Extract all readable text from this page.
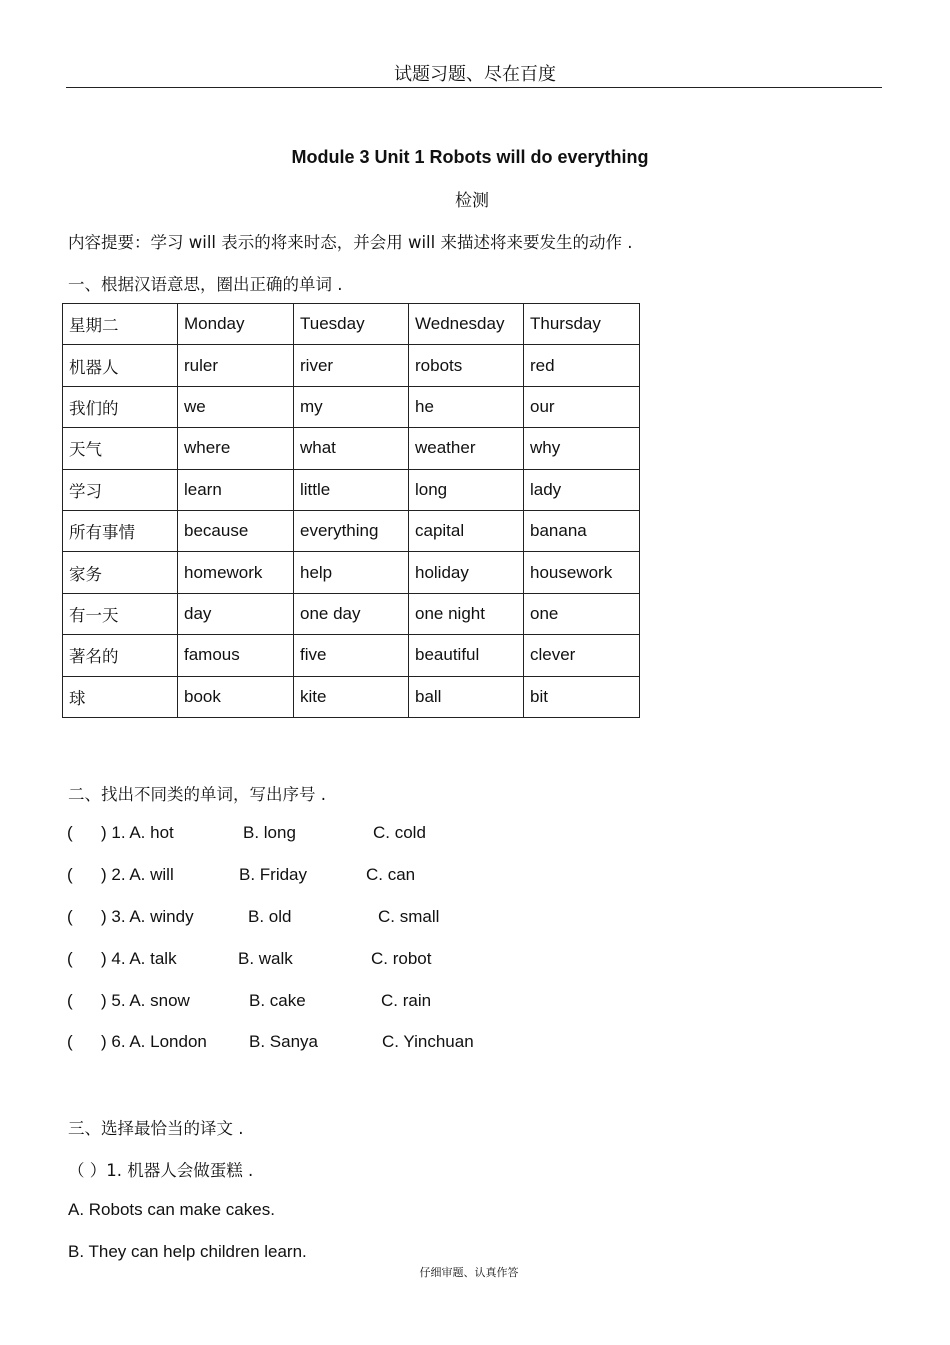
试题习题、尽在百度
Module 3 Unit 1 Robots will do everything
检测
内容提要：学习 will 表示的将来时态，并会用 will 来描述将来要发生的动作 .
一、根据汉语意思，圈出正确的单词 .
星期二	Monday	Tuesday	Wednesday	Thursday
机器人	ruler	river	robots	red
我们的	we	my	he	our
天气	where	what	weather	why
学习	learn	little	long	lady
所有事情	because	everything	capital	banana
家务	homework	help	holiday	housework
有一天	day	one day	one night	one
著名的	famous	five	beautiful	clever
球	book	kite	ball	bit
二、找出不同类的单词，写出序号 .
( ) 1. A. hot	B. long	C. cold
( ) 2. A. will	B. Friday	C. can
( ) 3. A. windy	B. old	C. small
( ) 4. A. talk	B. walk	C. robot
( ) 5. A. snow	B. cake	C. rain
( ) 6. A. London B. Sanya	C. Yinchuan
三、选择最恰当的译文 .
（ ）1. 机器人会做蛋糕 .
A. Robots can make cakes.
B. They can help children learn.
仔细审题、认真作答
